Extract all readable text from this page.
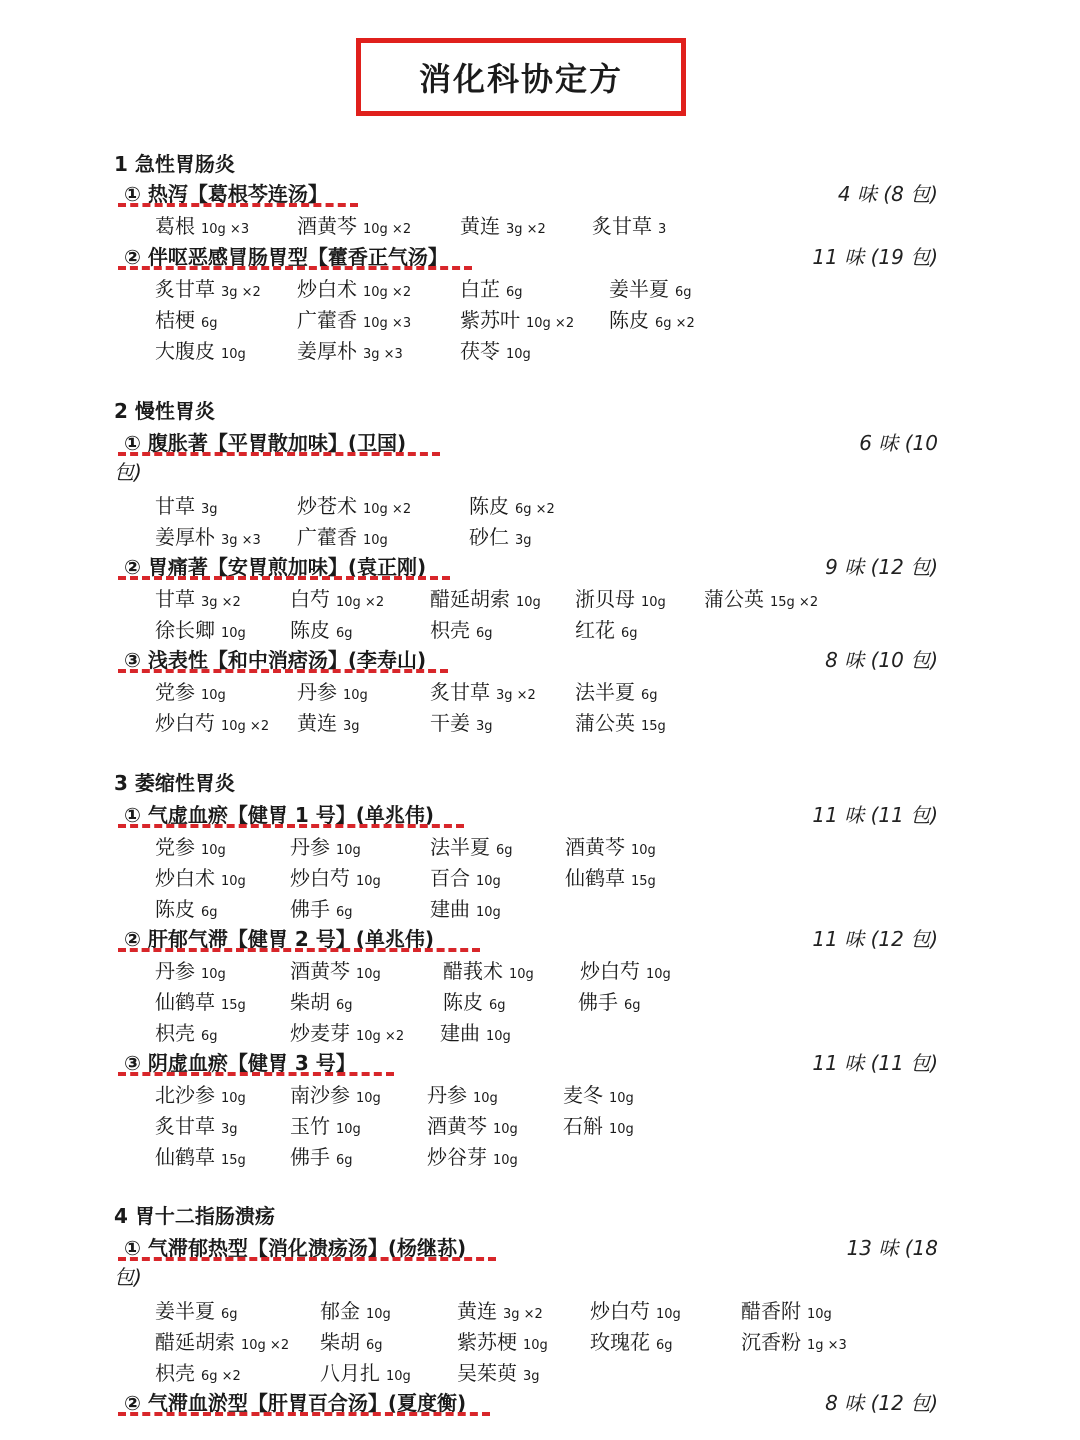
消化科协定方
1 急性胃肠炎
① 热泻【葛根芩连汤】	4 味 (8 包)
葛根 10g ×3 酒黄芩 10g ×2 黄连 3g ×2 炙甘草 3
② 伴呕恶感冒肠胃型【藿香正气汤】	11 味 (19 包)
炙甘草 3g ×2 炒白术 10g ×2 白芷 6g	姜半夏 6g
桔梗 6g	广藿香 10g ×3 紫苏叶 10g ×2 陈皮 6g ×2
大腹皮 10g	姜厚朴 3g ×3	茯苓 10g
2 慢性胃炎
① 腹胀著【平胃散加味】(卫国)	6 味 (10
包)
甘草 3g	炒苍术 10g ×2	陈皮 6g ×2
姜厚朴 3g ×3 广藿香 10g	砂仁 3g
② 胃痛著【安胃煎加味】(袁正刚)	9 味 (12 包)
甘草 3g ×2 白芍 10g ×2 醋延胡索 10g 浙贝母 10g 蒲公英 15g ×2
徐长卿 10g 陈皮 6g	枳壳 6g	红花 6g
③ 浅表性【和中消痞汤】(李寿山)	8 味 (10 包)
党参 10g	丹参 10g	炙甘草 3g ×2 法半夏 6g
炒白芍 10g ×2 黄连 3g	干姜 3g	蒲公英 15g
3 萎缩性胃炎
① 气虚血瘀【健胃 1 号】(单兆伟)	11 味 (11 包)
党参 10g	丹参 10g	法半夏 6g	酒黄芩 10g
炒白术 10g 炒白芍 10g 百合 10g	仙鹤草 15g
陈皮 6g	佛手 6g	建曲 10g
② 肝郁气滞【健胃 2 号】(单兆伟)	11 味 (12 包)
丹参 10g	酒黄芩 10g	醋莪术 10g 炒白芍 10g
仙鹤草 15g 柴胡 6g	陈皮 6g	佛手 6g
枳壳 6g	炒麦芽 10g ×2 建曲 10g
③ 阴虚血瘀【健胃 3 号】	11 味 (11 包)
北沙参 10g 南沙参 10g 丹参 10g	麦冬 10g
炙甘草 3g	玉竹 10g	酒黄芩 10g 石斛 10g
仙鹤草 15g 佛手 6g	炒谷芽 10g
4 胃十二指肠溃疡
① 气滞郁热型【消化溃疡汤】(杨继荪)	13 味 (18
包)
姜半夏 6g	郁金 10g	黄连 3g ×2 炒白芍 10g	醋香附 10g
醋延胡索 10g ×2 柴胡 6g	紫苏梗 10g 玫瑰花 6g	沉香粉 1g ×3
枳壳 6g ×2	八月扎 10g 吴茱萸 3g
② 气滞血淤型【肝胃百合汤】(夏度衡)	8 味 (12 包)
